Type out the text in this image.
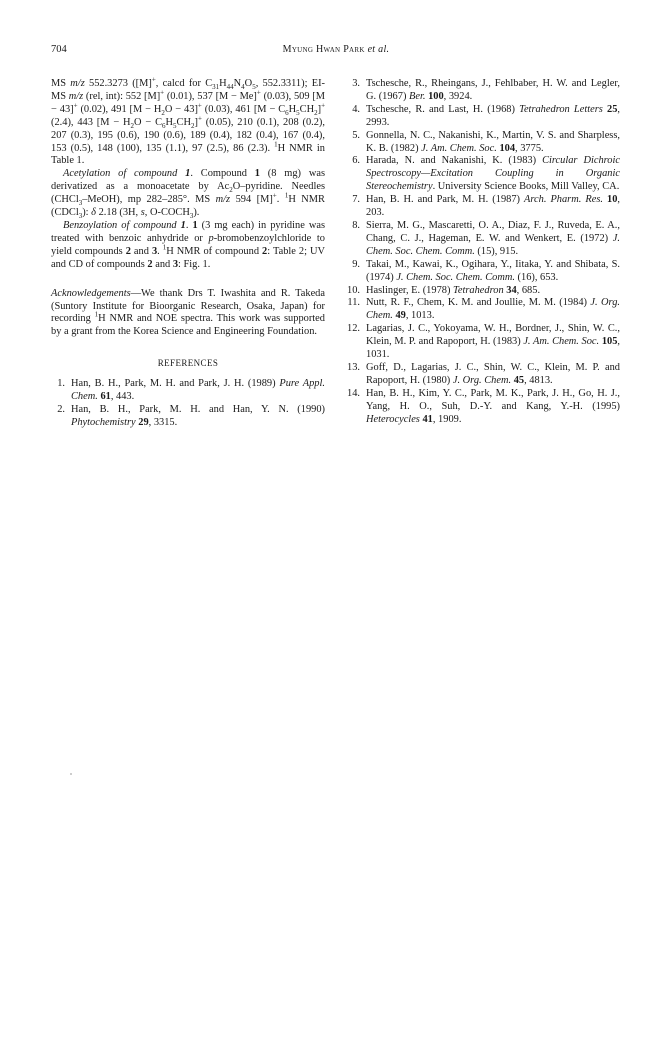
704	Myung Hwan Park et al.

MS m/z 552.3273 ([M]+, calcd for $C_{31}H_{44}N_4O_5$, 552.3311); EI-MS m/z (rel, int): 552 [M]+ (0.01), 537 [M − Me]+ (0.03), 509 [M − 43]+ (0.02), 491 $[M - H_2O - 43]^+$ (0.03), 461 $[M - C_6H_5CH_2]^+$ (2.4), 443 $[M - H_2O - C_6H_5CH_2]^+$ (0.05), 210 (0.1), 208 (0.2), 207 (0.3), 195 (0.6), 190 (0.6), 189 (0.4), 182 (0.4), 167 (0.4), 153 (0.5), 148 (100), 135 (1.1), 97 (2.5), 86 (2.3). $^1$H NMR in Table 1.

Acetylation of compound 1. Compound 1 (8 mg) was derivatized as a monoacetate by $Ac_2O$–pyridine. Needles (CHCl$_3$–MeOH), mp 282–285°. MS m/z 594 [M]+. $^1$H NMR (CDCl$_3$): δ 2.18 (3H, s, $O-COCH_3$).

Benzoylation of compound 1. 1 (3 mg each) in pyridine was treated with benzoic anhydride or p-bromobenzoylchloride to yield compounds 2 and 3. $^1$H NMR of compound 2: Table 2; UV and CD of compounds 2 and 3: Fig. 1.

Acknowledgements—We thank Drs T. Iwashita and R. Takeda (Suntory Institute for Bioorganic Research, Osaka, Japan) for recording $^1$H NMR and NOE spectra. This work was supported by a grant from the Korea Science and Engineering Foundation.

REFERENCES

1. Han, B. H., Park, M. H. and Park, J. H. (1989) Pure Appl. Chem. 61, 443.

2. Han, B. H., Park, M. H. and Han, Y. N. (1990) Phytochemistry 29, 3315.

3. Tschesche, R., Rheingans, J., Fehlbaber, H. W. and Legler, G. (1967) Ber. 100, 3924.

4. Tschesche, R. and Last, H. (1968) Tetrahedron Letters 25, 2993.

5. Gonnella, N. C., Nakanishi, K., Martin, V. S. and Sharpless, K. B. (1982) J. Am. Chem. Soc. 104, 3775.

6. Harada, N. and Nakanishi, K. (1983) Circular Dichroic Spectroscopy—Excitation Coupling in Organic Stereochemistry. University Science Books, Mill Valley, CA.

7. Han, B. H. and Park, M. H. (1987) Arch. Pharm. Res. 10, 203.

8. Sierra, M. G., Mascaretti, O. A., Diaz, F. J., Ruveda, E. A., Chang, C. J., Hageman, E. W. and Wenkert, E. (1972) J. Chem. Soc. Chem. Comm. (15), 915.

9. Takai, M., Kawai, K., Ogihara, Y., Iitaka, Y. and Shibata, S. (1974) J. Chem. Soc. Chem. Comm. (16), 653.

10. Haslinger, E. (1978) Tetrahedron 34, 685.

11. Nutt, R. F., Chem, K. M. and Joullie, M. M. (1984) J. Org. Chem. 49, 1013.

12. Lagarias, J. C., Yokoyama, W. H., Bordner, J., Shin, W. C., Klein, M. P. and Rapoport, H. (1983) J. Am. Chem. Soc. 105, 1031.

13. Goff, D., Lagarias, J. C., Shin, W. C., Klein, M. P. and Rapoport, H. (1980) J. Org. Chem. 45, 4813.

14. Han, B. H., Kim, Y. C., Park, M. K., Park, J. H., Go, H. J., Yang, H. O., Suh, D.-Y. and Kang, Y.-H. (1995) Heterocycles 41, 1909.
